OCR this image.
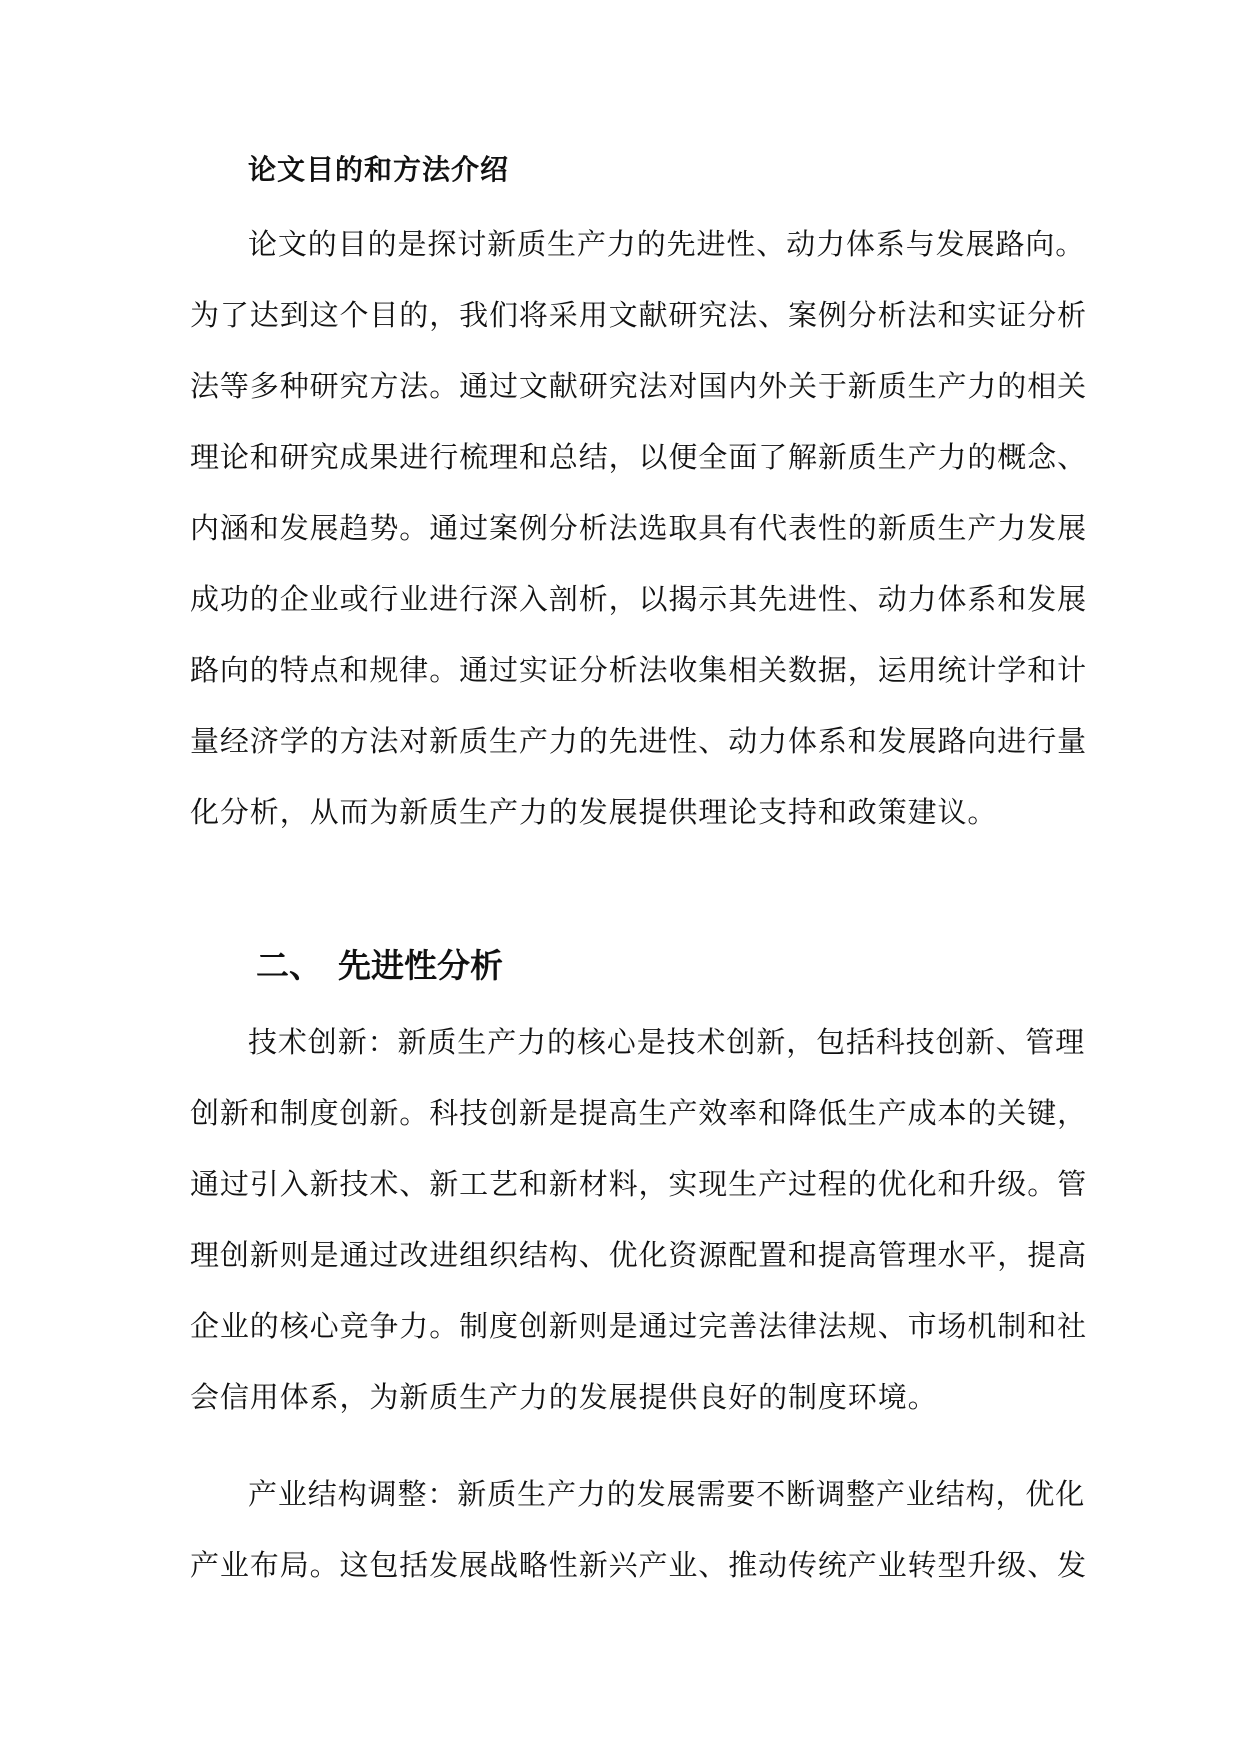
论文目的和方法介绍
论文的目的是探讨新质生产力的先进性、动力体系与发展路向。
为了达到这个目的，我们将采用文献研究法、案例分析法和实证分析
法等多种研究方法。通过文献研究法对国内外关于新质生产力的相关
理论和研究成果进行梳理和总结，以便全面了解新质生产力的概念、
内涵和发展趋势。通过案例分析法选取具有代表性的新质生产力发展
成功的企业或行业进行深入剖析，以揭示其先进性、动力体系和发展
路向的特点和规律。通过实证分析法收集相关数据，运用统计学和计
量经济学的方法对新质生产力的先进性、动力体系和发展路向进行量
化分析，从而为新质生产力的发展提供理论支持和政策建议。
二、 先进性分析
技术创新：新质生产力的核心是技术创新，包括科技创新、管理
创新和制度创新。科技创新是提高生产效率和降低生产成本的关键，
通过引入新技术、新工艺和新材料，实现生产过程的优化和升级。管
理创新则是通过改进组织结构、优化资源配置和提高管理水平，提高
企业的核心竞争力。制度创新则是通过完善法律法规、市场机制和社
会信用体系，为新质生产力的发展提供良好的制度环境。
产业结构调整：新质生产力的发展需要不断调整产业结构，优化
产业布局。这包括发展战略性新兴产业、推动传统产业转型升级、发
